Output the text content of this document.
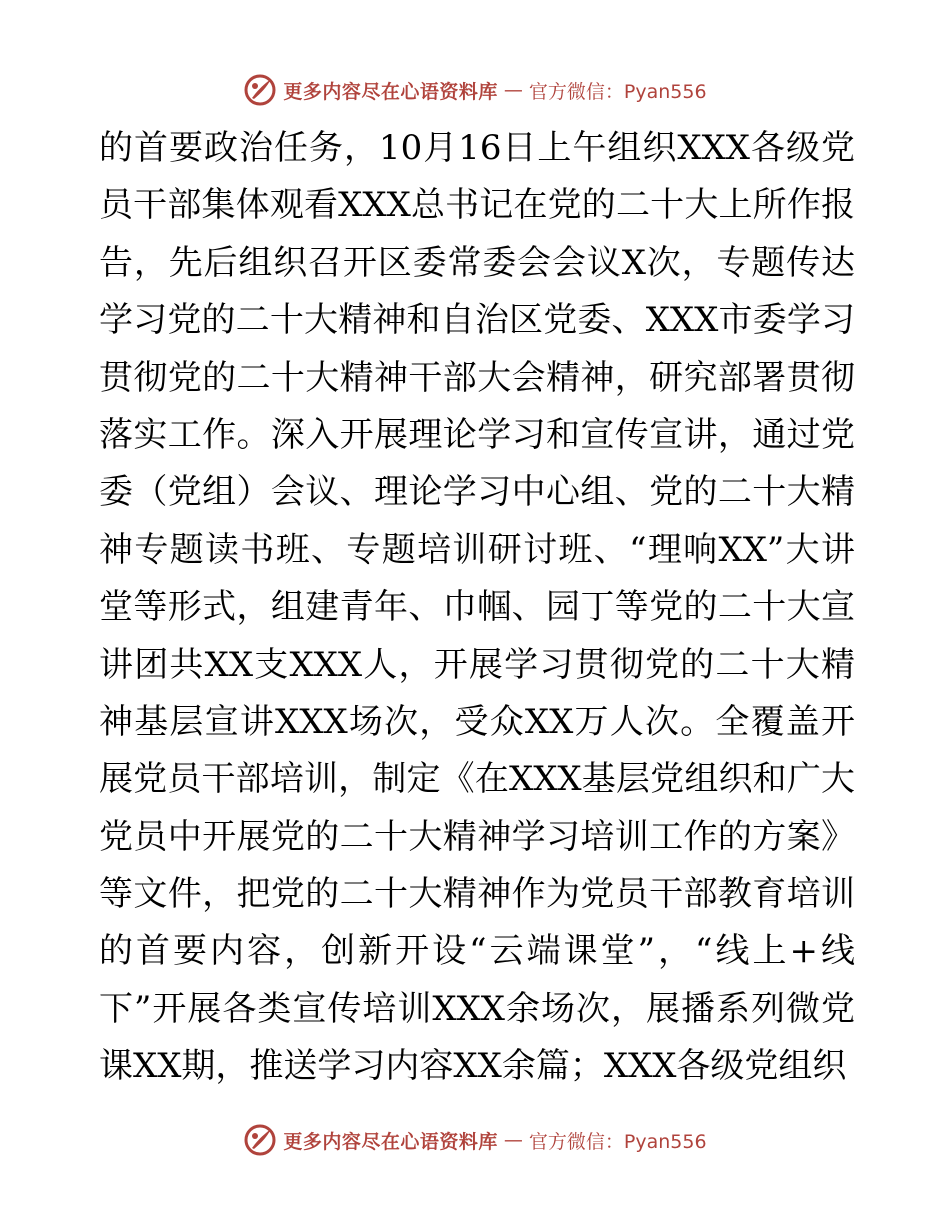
更多内容尽在心语资料库 — 官方微信：Pyan556
的首要政治任务，10月16日上午组织XXX各级党
员干部集体观看XXX总书记在党的二十大上所作报
告，先后组织召开区委常委会会议X次，专题传达
学习党的二十大精神和自治区党委、XXX市委学习
贯彻党的二十大精神干部大会精神，研究部署贯彻
落实工作。深入开展理论学习和宣传宣讲，通过党
委（党组）会议、理论学习中心组、党的二十大精
神专题读书班、专题培训研讨班、“理响XX”大讲
堂等形式，组建青年、巾帼、园丁等党的二十大宣
讲团共XX支XXX人，开展学习贯彻党的二十大精
神基层宣讲XXX场次，受众XX万人次。全覆盖开
展党员干部培训，制定《在XXX基层党组织和广大
党员中开展党的二十大精神学习培训工作的方案》
等文件，把党的二十大精神作为党员干部教育培训
的首要内容，创新开设“云端课堂”，“线上+线
下”开展各类宣传培训XXX余场次，展播系列微党
课XX期，推送学习内容XX余篇；XXX各级党组织
更多内容尽在心语资料库 — 官方微信：Pyan556
